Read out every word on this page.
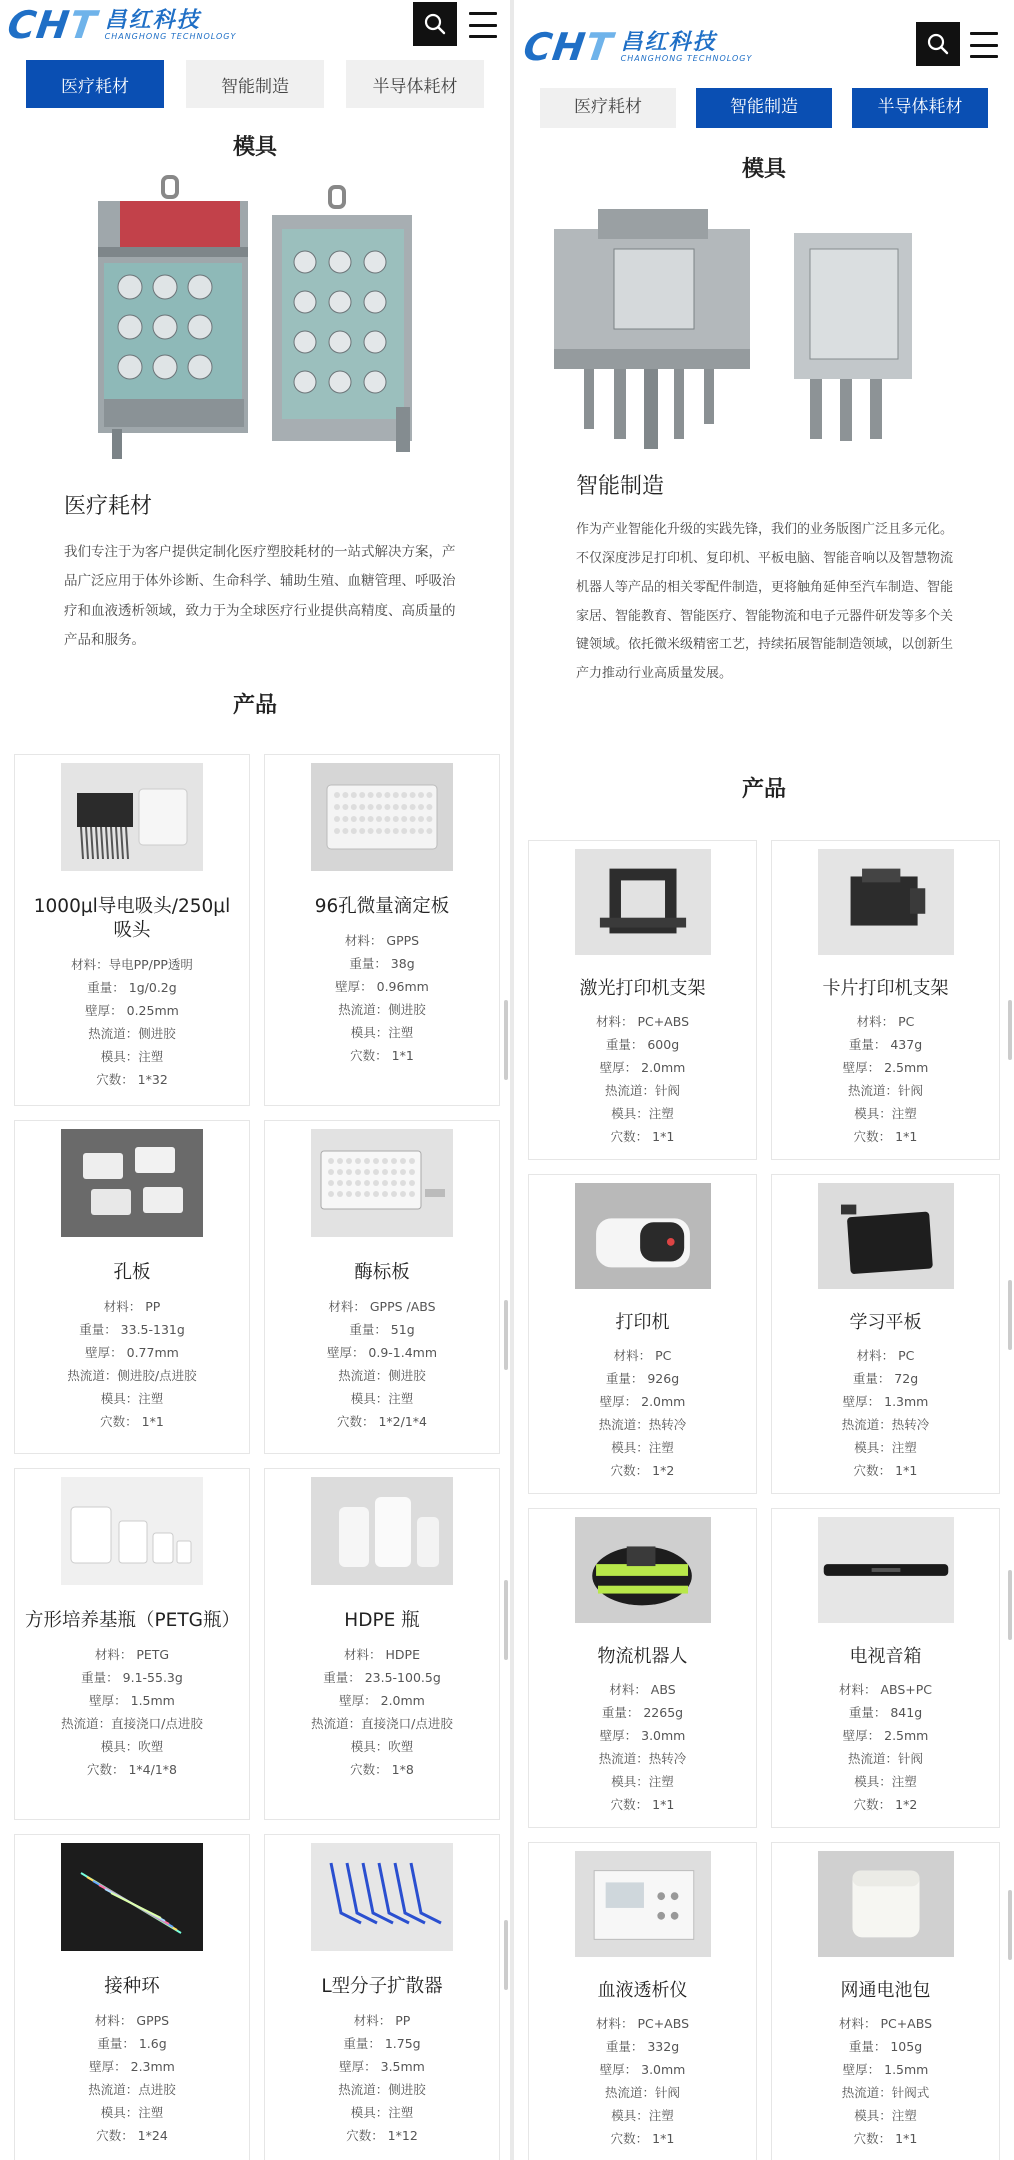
CHT 昌红科技
CHANGHONG TECHNOLOGY
医疗耗材	智能制造	半导体耗材
模具
医疗耗材
我们专注于为客户提供定制化医疗塑胶耗材的一站式解决方案，产品广泛应用于体外诊断、生命科学、辅助生殖、血糖管理、呼吸治疗和血液透析领域，致力于为全球医疗行业提供高精度、高质量的产品和服务。
产品
1000μl导电吸头/250μl吸头
材料：导电PP/PP透明
重量： 1g/0.2g
壁厚： 0.25mm
热流道：侧进胶
模具：注塑
穴数： 1*32
96孔微量滴定板
材料： GPPS
重量： 38g
壁厚： 0.96mm
热流道：侧进胶
模具：注塑
穴数： 1*1
孔板
材料： PP
重量： 33.5-131g
壁厚： 0.77mm
热流道：侧进胶/点进胶
模具：注塑
穴数： 1*1
酶标板
材料： GPPS /ABS
重量： 51g
壁厚： 0.9-1.4mm
热流道：侧进胶
模具：注塑
穴数： 1*2/1*4
方形培养基瓶（PETG瓶）
材料： PETG
重量： 9.1-55.3g
壁厚： 1.5mm
热流道：直接浇口/点进胶
模具：吹塑
穴数： 1*4/1*8
HDPE 瓶
材料： HDPE
重量： 23.5-100.5g
壁厚： 2.0mm
热流道：直接浇口/点进胶
模具：吹塑
穴数： 1*8
接种环
材料： GPPS
重量： 1.6g
壁厚： 2.3mm
热流道：点进胶
模具：注塑
穴数： 1*24
L型分子扩散器
材料： PP
重量： 1.75g
壁厚： 3.5mm
热流道：侧进胶
模具：注塑
穴数： 1*12
CHT 昌红科技
CHANGHONG TECHNOLOGY
医疗耗材	智能制造	半导体耗材
模具
智能制造
作为产业智能化升级的实践先锋，我们的业务版图广泛且多元化。不仅深度涉足打印机、复印机、平板电脑、智能音响以及智慧物流机器人等产品的相关零配件制造，更将触角延伸至汽车制造、智能家居、智能教育、智能医疗、智能物流和电子元器件研发等多个关键领域。依托微米级精密工艺，持续拓展智能制造领域，以创新生产力推动行业高质量发展。
产品
激光打印机支架
材料： PC+ABS
重量： 600g
壁厚： 2.0mm
热流道：针阀
模具：注塑
穴数： 1*1
卡片打印机支架
材料： PC
重量： 437g
壁厚： 2.5mm
热流道：针阀
模具：注塑
穴数： 1*1
打印机
材料： PC
重量： 926g
壁厚： 2.0mm
热流道：热转冷
模具：注塑
穴数： 1*2
学习平板
材料： PC
重量： 72g
壁厚： 1.3mm
热流道：热转冷
模具：注塑
穴数： 1*1
物流机器人
材料： ABS
重量： 2265g
壁厚： 3.0mm
热流道：热转冷
模具：注塑
穴数： 1*1
电视音箱
材料： ABS+PC
重量： 841g
壁厚： 2.5mm
热流道：针阀
模具：注塑
穴数： 1*2
血液透析仪
材料： PC+ABS
重量： 332g
壁厚： 3.0mm
热流道：针阀
模具：注塑
穴数： 1*1
网通电池包
材料： PC+ABS
重量： 105g
壁厚： 1.5mm
热流道：针阀式
模具：注塑
穴数： 1*1
